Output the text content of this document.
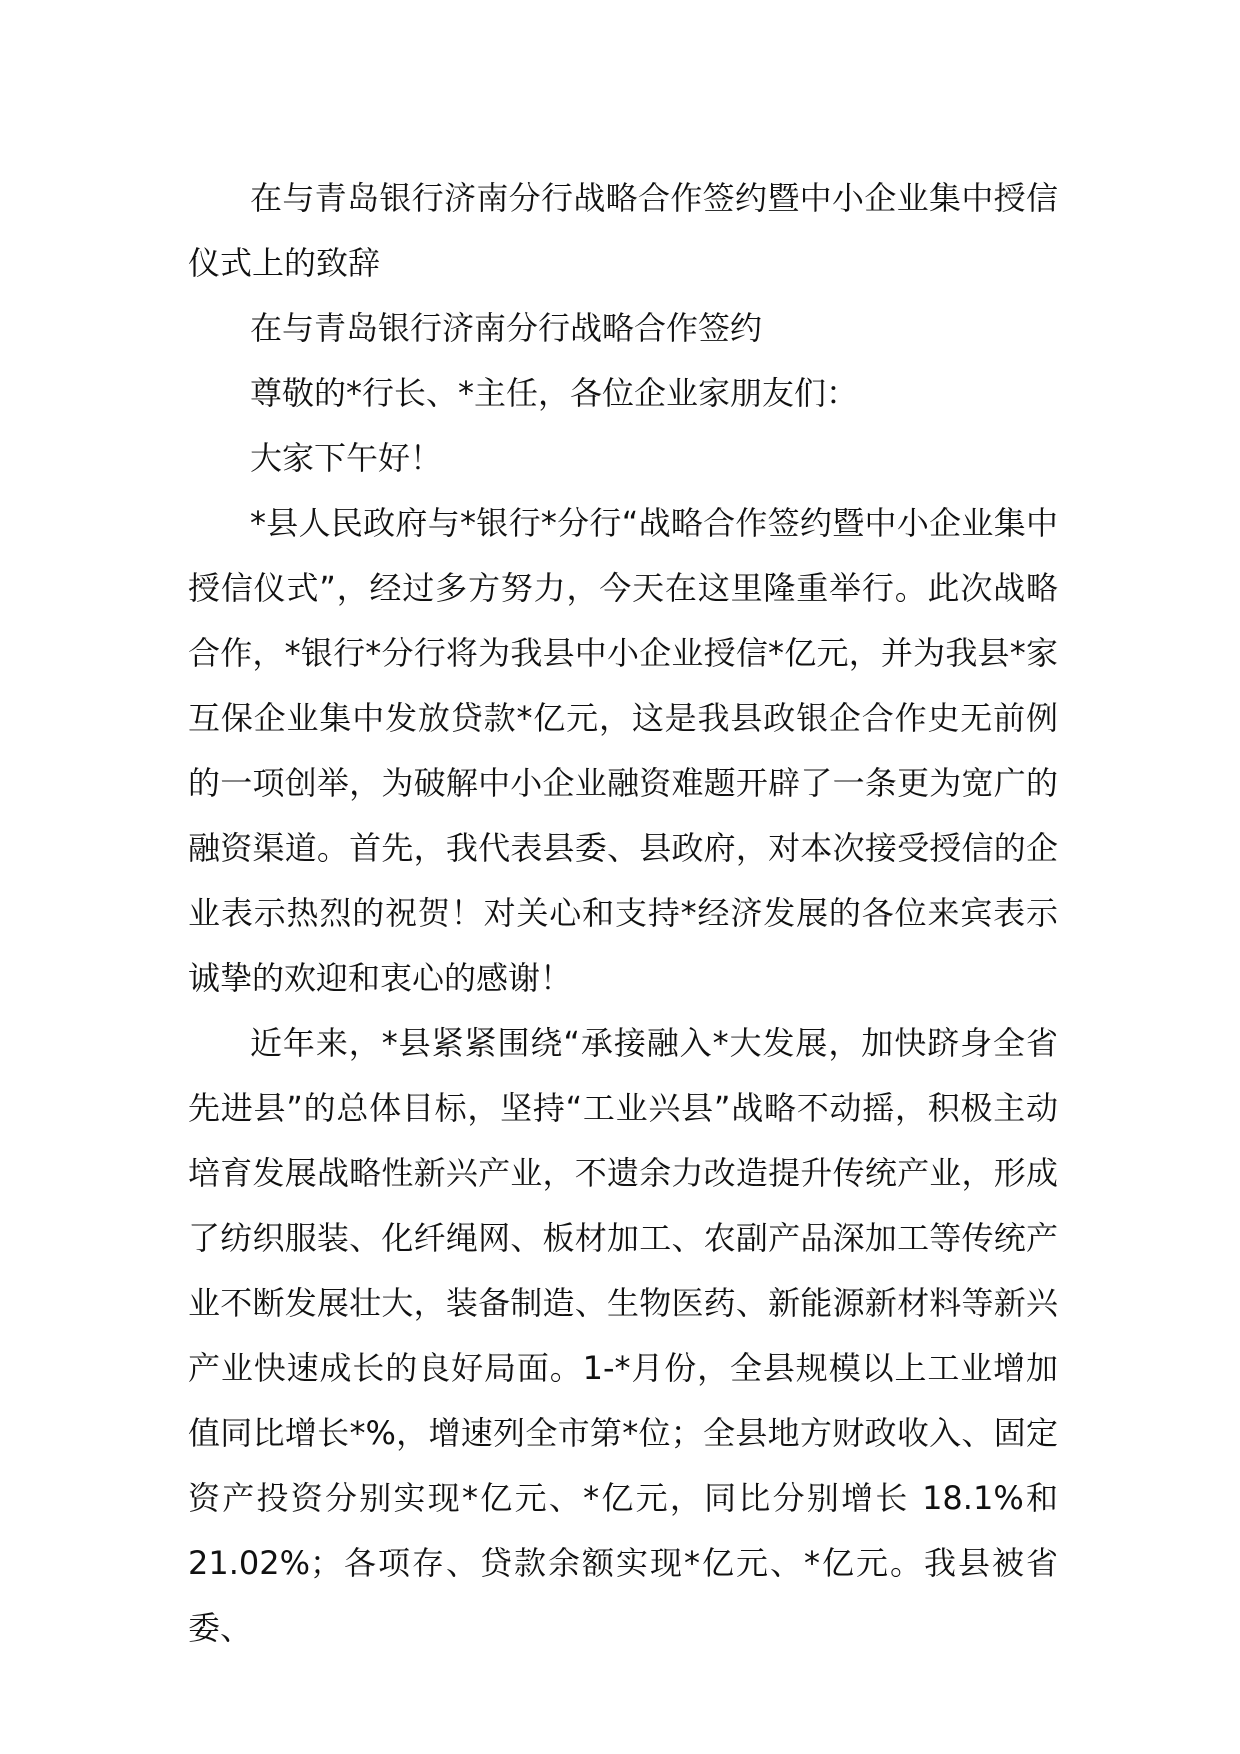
在与青岛银行济南分行战略合作签约暨中小企业集中授信仪式上的致辞

在与青岛银行济南分行战略合作签约

尊敬的*行长、*主任，各位企业家朋友们：

大家下午好！

*县人民政府与*银行*分行“战略合作签约暨中小企业集中授信仪式”，经过多方努力，今天在这里隆重举行。此次战略合作，*银行*分行将为我县中小企业授信*亿元，并为我县*家互保企业集中发放贷款*亿元，这是我县政银企合作史无前例的一项创举，为破解中小企业融资难题开辟了一条更为宽广的融资渠道。首先，我代表县委、县政府，对本次接受授信的企业表示热烈的祝贺！对关心和支持*经济发展的各位来宾表示诚挚的欢迎和衷心的感谢！

近年来，*县紧紧围绕“承接融入*大发展，加快跻身全省先进县”的总体目标，坚持“工业兴县”战略不动摇，积极主动培育发展战略性新兴产业，不遗余力改造提升传统产业，形成了纺织服装、化纤绳网、板材加工、农副产品深加工等传统产业不断发展壮大，装备制造、生物医药、新能源新材料等新兴产业快速成长的良好局面。1-*月份，全县规模以上工业增加值同比增长*%，增速列全市第*位；全县地方财政收入、固定资产投资分别实现*亿元、*亿元，同比分别增长 18.1%和21.02%；各项存、贷款余额实现*亿元、*亿元。我县被省委、
